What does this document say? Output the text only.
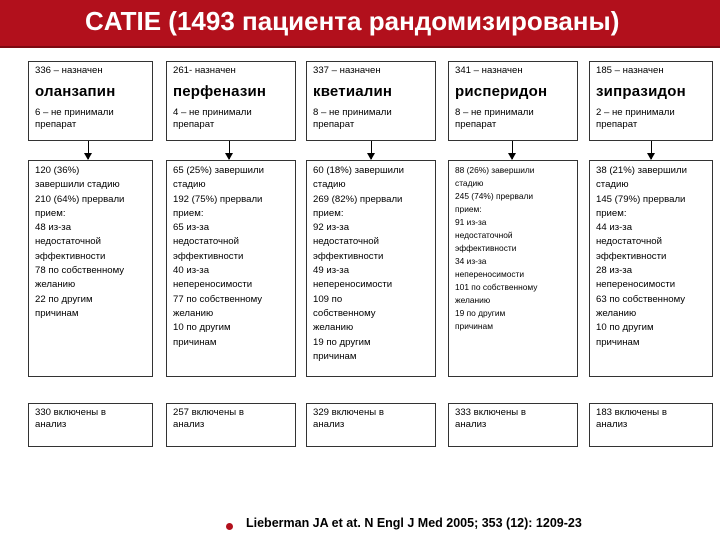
CATIE (1493 пациента рандомизированы)
336 – назначен
оланзапин
6 – не принимали
препарат
261- назначен
перфеназин
4 – не принимали
препарат
337 – назначен
кветиалин
8 – не принимали
препарат
341 – назначен
рисперидон
8 – не принимали
препарат
185 – назначен
зипразидон
2 – не принимали
препарат
120 (36%)
завершили стадию
210 (64%) прервали
прием:
48 из-за
недостаточной
эффективности
78 по собственному
желанию
22 по другим
причинам
65 (25%) завершили
стадию
192 (75%) прервали
прием:
65 из-за
недостаточной
эффективности
40 из-за
непереносимости
77 по собственному
желанию
10 по другим
причинам
60 (18%) завершили
стадию
269 (82%) прервали
прием:
92 из-за
недостаточной
эффективности
49 из-за
непереносимости
109 по
собственному
желанию
19 по другим
причинам
88 (26%) завершили
стадию
245 (74%) прервали
прием:
91 из-за
недостаточной
эффективности
34 из-за
непереносимости
101 по собственному
желанию
19 по другим
причинам
38 (21%) завершили
стадию
145 (79%) прервали
прием:
44 из-за
недостаточной
эффективности
28 из-за
непереносимости
63 по собственному
желанию
10 по другим
причинам
330 включены в
анализ
257 включены в
анализ
329 включены в
анализ
333 включены в
анализ
183 включены в
анализ
Lieberman JA et at. N Engl J Med 2005; 353 (12): 1209-23
